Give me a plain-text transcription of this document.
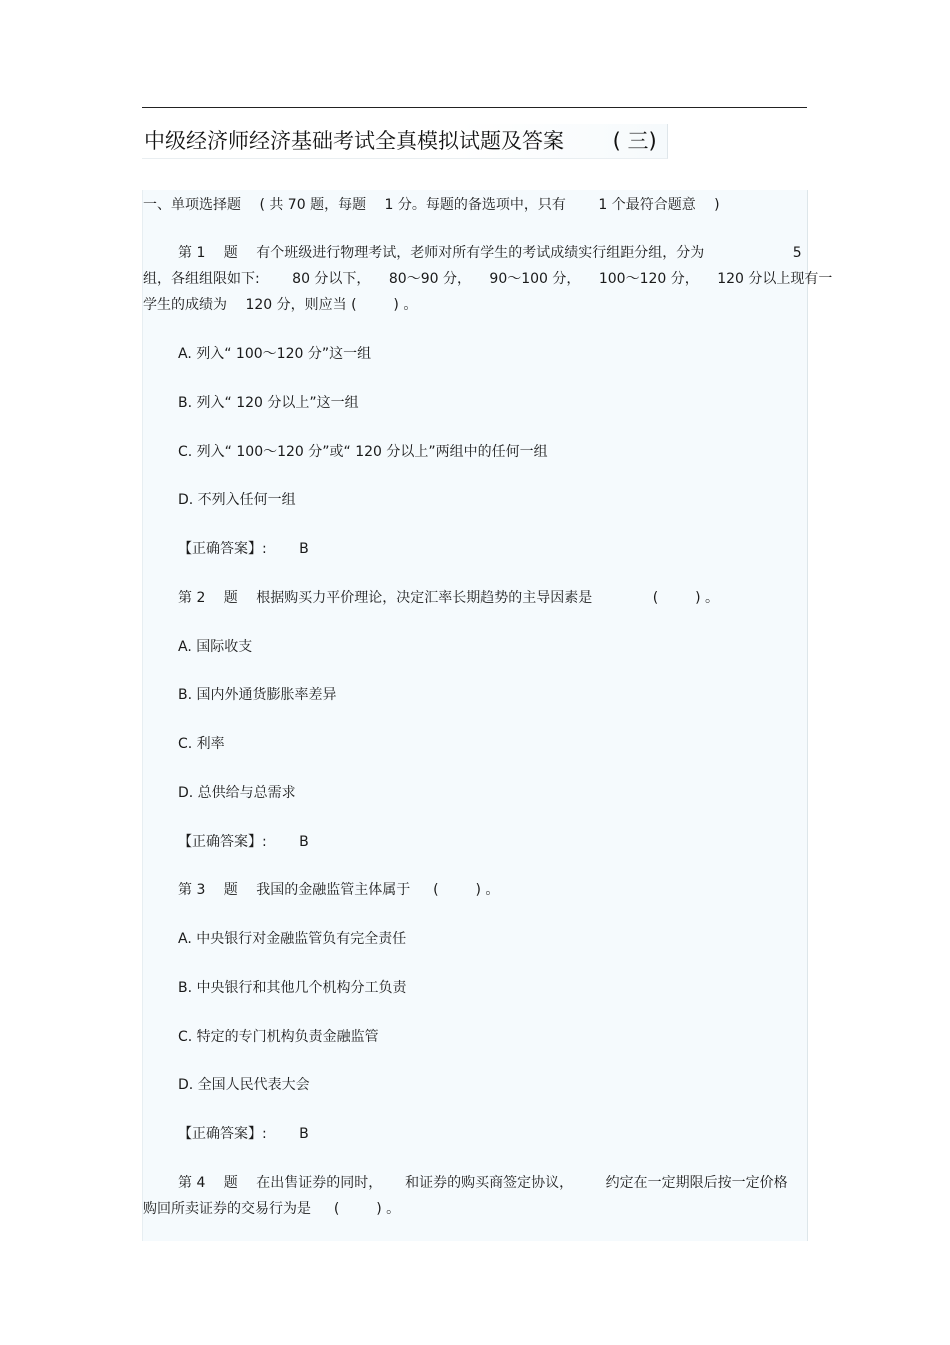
中级经济师经济基础考试全真模拟试题及答案 　　( 三)
一、单项选择题 　( 共 70 题，每题 　1 分。每题的备选项中，只有 　　1 个最符合题意 　)
第 1 　题 　有个班级进行物理考试，老师对所有学生的考试成绩实行组距分组，分为 　　　　　　5
组，各组组限如下: 　　80 分以下， 　80～90 分， 　90～100 分， 　100～120 分， 　120 分以上现有一
学生的成绩为 　120 分，则应当 ( 　　 ) 。
A. 列入“ 100～120 分”这一组
B. 列入“ 120 分以上”这一组
C. 列入“ 100～120 分”或“ 120 分以上”两组中的任何一组
D. 不列入任何一组
【正确答案】: 　　B
第 2 　题 　根据购买力平价理论，决定汇率长期趋势的主导因素是 　　　　( 　　 ) 。
A. 国际收支
B. 国内外通货膨胀率差异
C. 利率
D. 总供给与总需求
【正确答案】: 　　B
第 3 　题 　我国的金融监管主体属于 　 ( 　　 ) 。
A. 中央银行对金融监管负有完全责任
B. 中央银行和其他几个机构分工负责
C. 特定的专门机构负责金融监管
D. 全国人民代表大会
【正确答案】: 　　B
第 4 　题 　在出售证券的同时， 　 和证券的购买商签定协议， 　　约定在一定期限后按一定价格
购回所卖证券的交易行为是 　 ( 　　 ) 。
